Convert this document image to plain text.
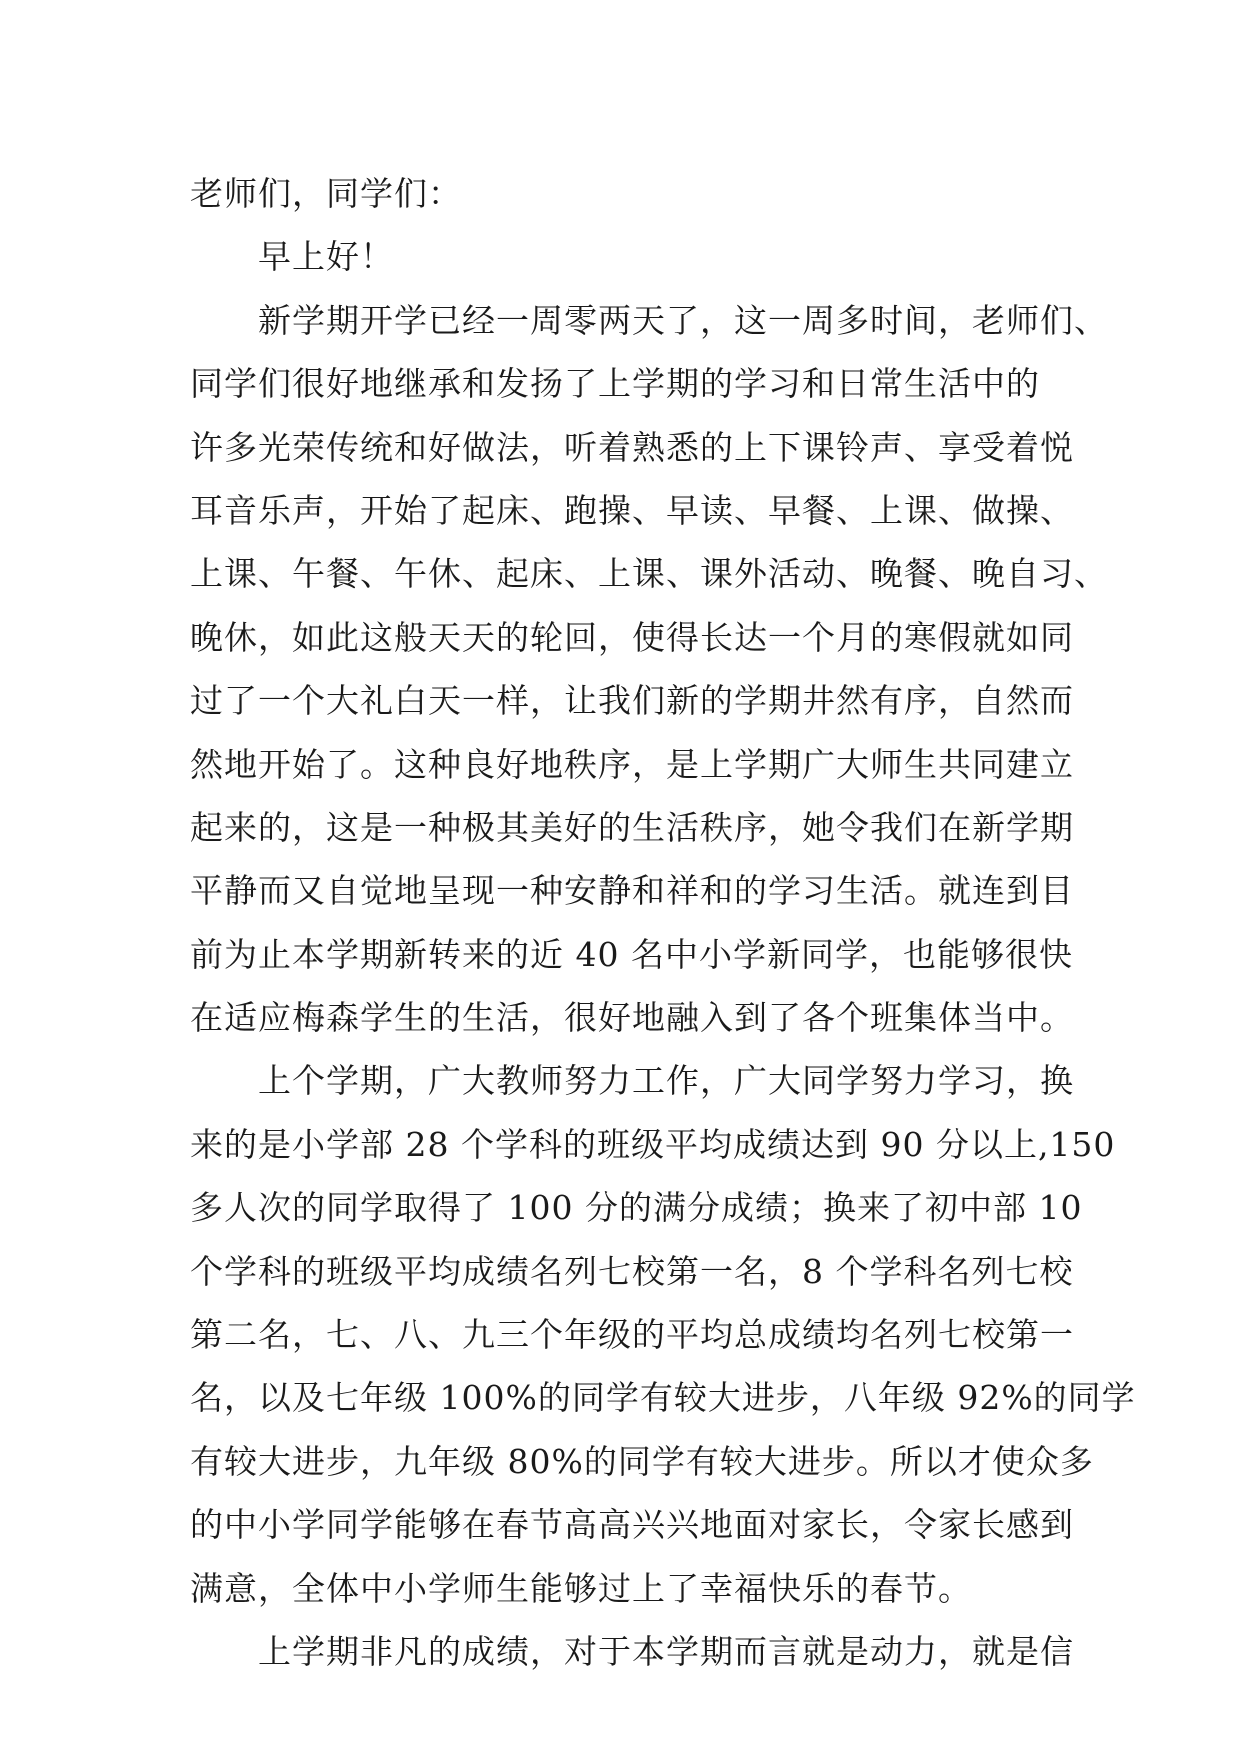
老师们，同学们：
早上好！
新学期开学已经一周零两天了，这一周多时间，老师们、
同学们很好地继承和发扬了上学期的学习和日常生活中的
许多光荣传统和好做法，听着熟悉的上下课铃声、享受着悦
耳音乐声，开始了起床、跑操、早读、早餐、上课、做操、
上课、午餐、午休、起床、上课、课外活动、晚餐、晚自习、
晚休，如此这般天天的轮回，使得长达一个月的寒假就如同
过了一个大礼白天一样，让我们新的学期井然有序，自然而
然地开始了。这种良好地秩序，是上学期广大师生共同建立
起来的，这是一种极其美好的生活秩序，她令我们在新学期
平静而又自觉地呈现一种安静和祥和的学习生活。就连到目
前为止本学期新转来的近 40 名中小学新同学，也能够很快
在适应梅森学生的生活，很好地融入到了各个班集体当中。
上个学期，广大教师努力工作，广大同学努力学习，换
来的是小学部 28 个学科的班级平均成绩达到 90 分以上,150
多人次的同学取得了 100 分的满分成绩；换来了初中部 10
个学科的班级平均成绩名列七校第一名，8 个学科名列七校
第二名，七、八、九三个年级的平均总成绩均名列七校第一
名，以及七年级 100%的同学有较大进步，八年级 92%的同学
有较大进步，九年级 80%的同学有较大进步。所以才使众多
的中小学同学能够在春节高高兴兴地面对家长，令家长感到
满意，全体中小学师生能够过上了幸福快乐的春节。
上学期非凡的成绩，对于本学期而言就是动力，就是信
